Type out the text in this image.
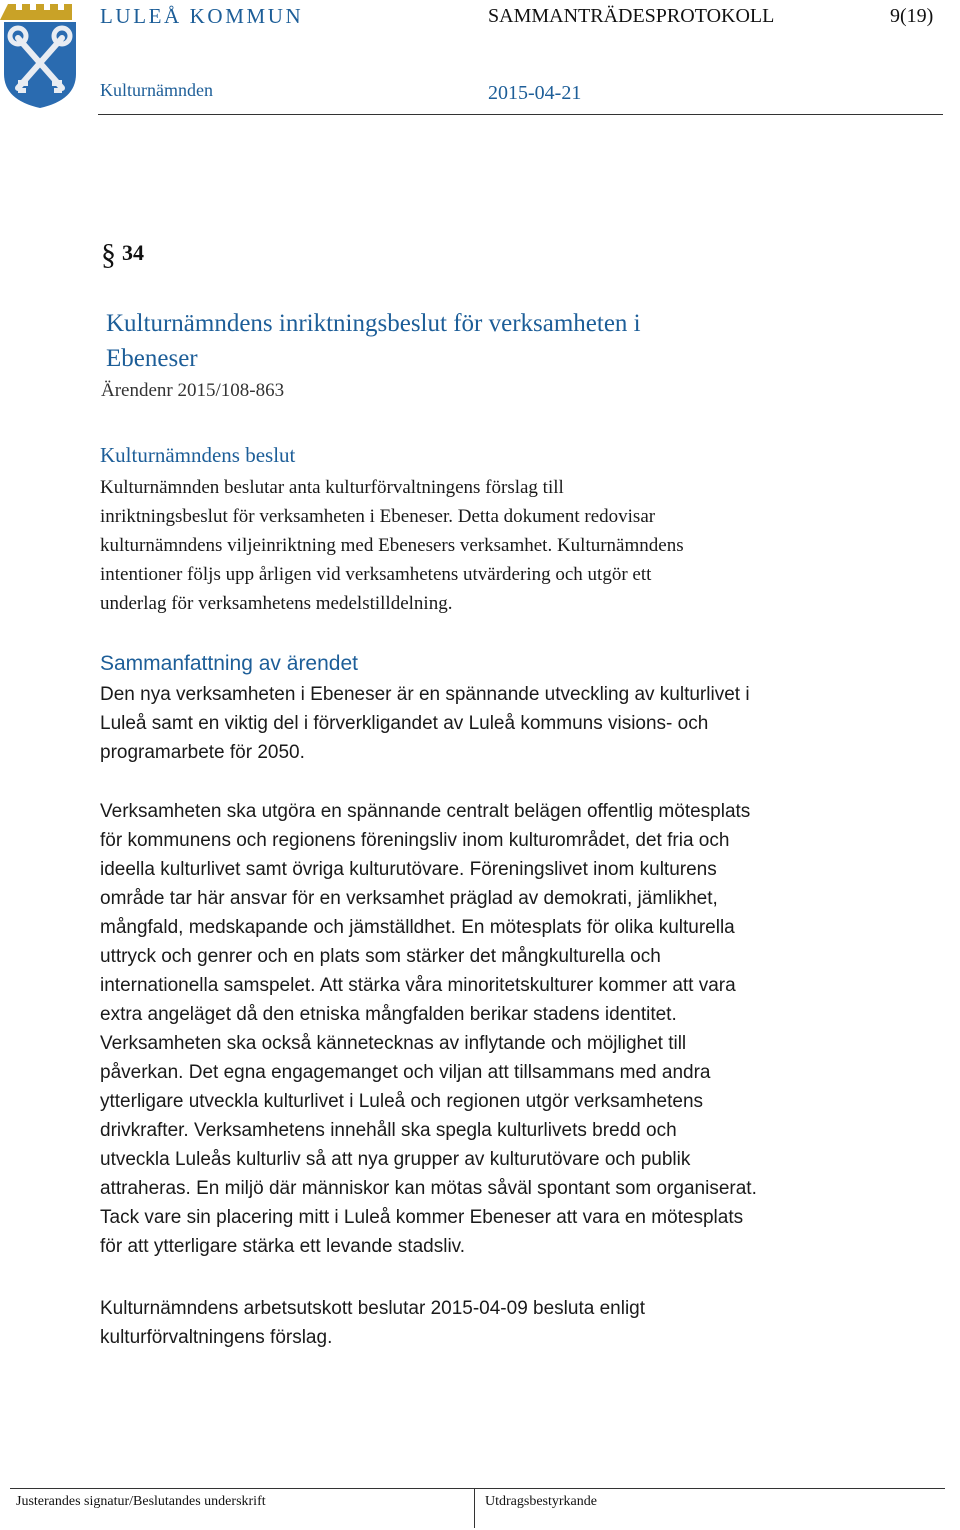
LULEÅ KOMMUN	SAMMANTRÄDESPROTOKOLL	9(19)
Kulturnämnden	2015-04-21
§ 34
Kulturnämndens inriktningsbeslut för verksamheten i
Ebeneser
Ärendenr 2015/108-863
Kulturnämndens beslut
Kulturnämnden beslutar anta kulturförvaltningens förslag till
inriktningsbeslut för verksamheten i Ebeneser. Detta dokument redovisar
kulturnämndens viljeinriktning med Ebenesers verksamhet. Kulturnämndens
intentioner följs upp årligen vid verksamhetens utvärdering och utgör ett
underlag för verksamhetens medelstilldelning.
Sammanfattning av ärendet
Den nya verksamheten i Ebeneser är en spännande utveckling av kulturlivet i
Luleå samt en viktig del i förverkligandet av Luleå kommuns visions- och
programarbete för 2050.
Verksamheten ska utgöra en spännande centralt belägen offentlig mötesplats
för kommunens och regionens föreningsliv inom kulturområdet, det fria och
ideella kulturlivet samt övriga kulturutövare. Föreningslivet inom kulturens
område tar här ansvar för en verksamhet präglad av demokrati, jämlikhet,
mångfald, medskapande och jämställdhet. En mötesplats för olika kulturella
uttryck och genrer och en plats som stärker det mångkulturella och
internationella samspelet. Att stärka våra minoritetskulturer kommer att vara
extra angeläget då den etniska mångfalden berikar stadens identitet.
Verksamheten ska också kännetecknas av inflytande och möjlighet till
påverkan. Det egna engagemanget och viljan att tillsammans med andra
ytterligare utveckla kulturlivet i Luleå och regionen utgör verksamhetens
drivkrafter. Verksamhetens innehåll ska spegla kulturlivets bredd och
utveckla Luleås kulturliv så att nya grupper av kulturutövare och publik
attraheras. En miljö där människor kan mötas såväl spontant som organiserat.
Tack vare sin placering mitt i Luleå kommer Ebeneser att vara en mötesplats
för att ytterligare stärka ett levande stadsliv.
Kulturnämndens arbetsutskott beslutar 2015-04-09 besluta enligt
kulturförvaltningens förslag.
Justerandes signatur/Beslutandes underskrift	Utdragsbestyrkande
